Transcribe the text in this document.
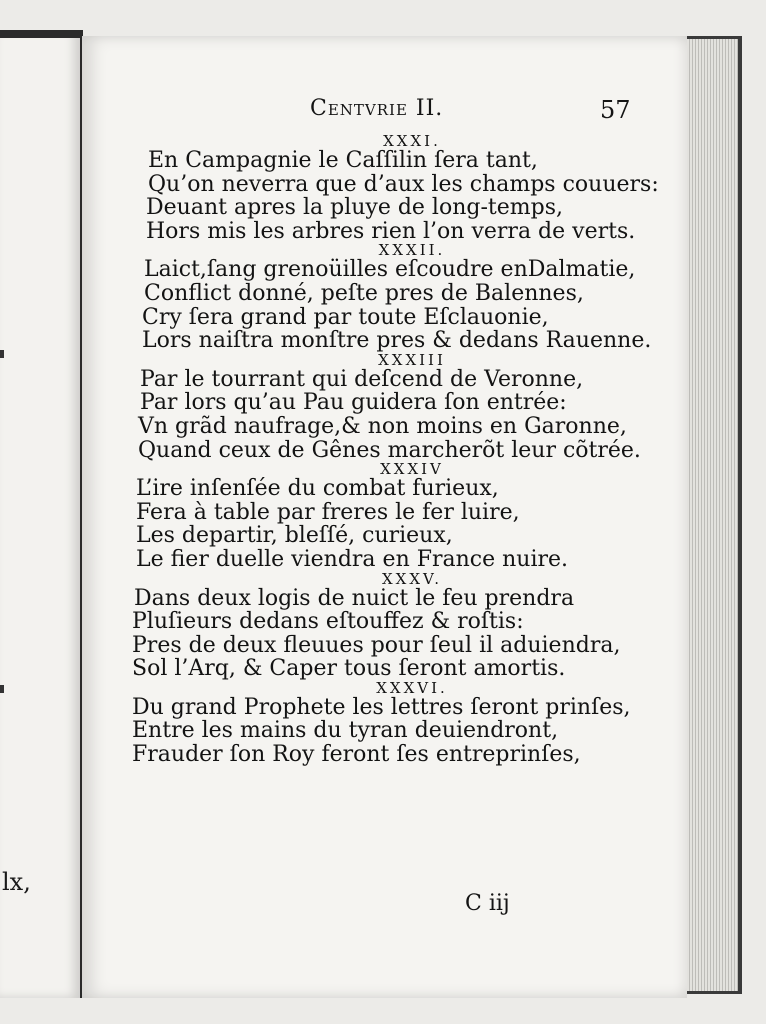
lx,
Centvrie II.	57

XXXI.

En Campagnie le Caſſilin ſera tant,

Qu’on neverra que d’aux les champs couuers:

Deuant apres la pluye de long-temps,

Hors mis les arbres rien l’on verra de verts.

XXXII.

Laict,ſang grenoüilles eſcoudre enDalmatie,

Conflict donné, peſte pres de Balennes,

Cry ſera grand par toute Eſclauonie,

Lors naiſtra monſtre pres & dedans Rauenne.

XXXIII

Par le tourrant qui deſcend de Veronne,

Par lors qu’au Pau guidera ſon entrée:

Vn grãd naufrage,& non moins en Garonne,

Quand ceux de Gênes marcherõt leur cõtrée.

XXXIV

L’ire inſenſée du combat furieux,

Fera à table par freres le fer luire,

Les departir, bleſſé, curieux,

Le fier duelle viendra en France nuire.

XXXV.

Dans deux logis de nuict le feu prendra

Pluſieurs dedans eſtouffez & roſtis:

Pres de deux fleuues pour ſeul il aduiendra,

Sol l’Arq, & Caper tous ſeront amortis.

XXXVI.

Du grand Prophete les lettres ſeront prinſes,

Entre les mains du tyran deuiendront,

Frauder ſon Roy feront ſes entreprinſes,

C iij
